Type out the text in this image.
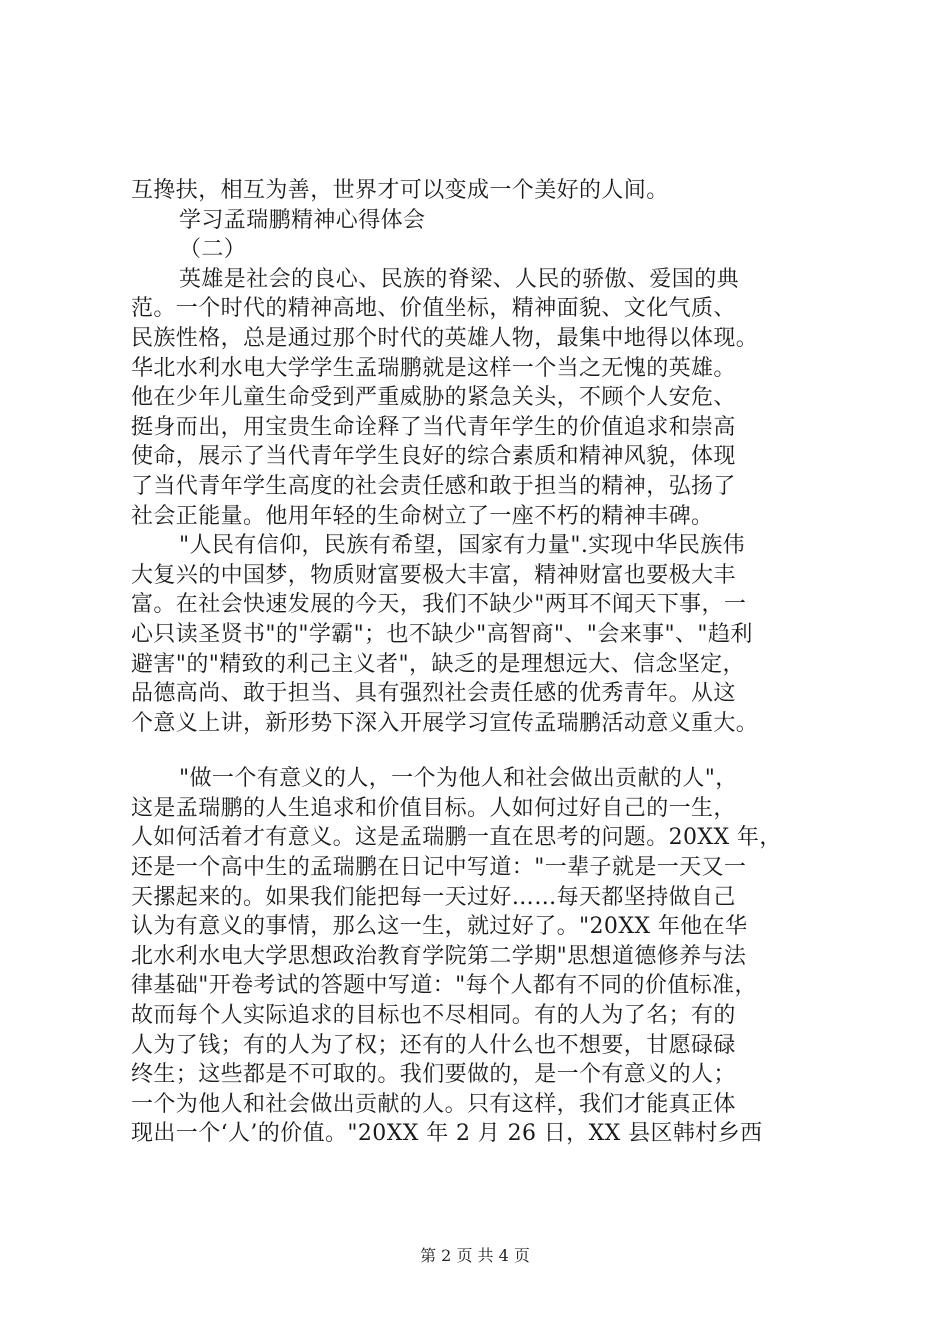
互搀扶，相互为善，世界才可以变成一个美好的人间。
学习孟瑞鹏精神心得体会
（二）
英雄是社会的良心、民族的脊梁、人民的骄傲、爱国的典
范。一个时代的精神高地、价值坐标，精神面貌、文化气质、
民族性格，总是通过那个时代的英雄人物，最集中地得以体现。
华北水利水电大学学生孟瑞鹏就是这样一个当之无愧的英雄。
他在少年儿童生命受到严重威胁的紧急关头，不顾个人安危、
挺身而出，用宝贵生命诠释了当代青年学生的价值追求和崇高
使命，展示了当代青年学生良好的综合素质和精神风貌，体现
了当代青年学生高度的社会责任感和敢于担当的精神，弘扬了
社会正能量。他用年轻的生命树立了一座不朽的精神丰碑。
"人民有信仰，民族有希望，国家有力量".实现中华民族伟
大复兴的中国梦，物质财富要极大丰富，精神财富也要极大丰
富。在社会快速发展的今天，我们不缺少"两耳不闻天下事，一
心只读圣贤书"的"学霸"；也不缺少"高智商"、"会来事"、"趋利
避害"的"精致的利己主义者"，缺乏的是理想远大、信念坚定，
品德高尚、敢于担当、具有强烈社会责任感的优秀青年。从这
个意义上讲，新形势下深入开展学习宣传孟瑞鹏活动意义重大。
"做一个有意义的人，一个为他人和社会做出贡献的人"，
这是孟瑞鹏的人生追求和价值目标。人如何过好自己的一生，
人如何活着才有意义。这是孟瑞鹏一直在思考的问题。20XX 年，
还是一个高中生的孟瑞鹏在日记中写道："一辈子就是一天又一
天摞起来的。如果我们能把每一天过好……每天都坚持做自己
认为有意义的事情，那么这一生，就过好了。"20XX 年他在华
北水利水电大学思想政治教育学院第二学期"思想道德修养与法
律基础"开卷考试的答题中写道："每个人都有不同的价值标准，
故而每个人实际追求的目标也不尽相同。有的人为了名；有的
人为了钱；有的人为了权；还有的人什么也不想要，甘愿碌碌
终生；这些都是不可取的。我们要做的，是一个有意义的人；
一个为他人和社会做出贡献的人。只有这样，我们才能真正体
现出一个‘人’的价值。"20XX 年 2 月 26 日，XX 县区韩村乡西
第 2 页 共 4 页
